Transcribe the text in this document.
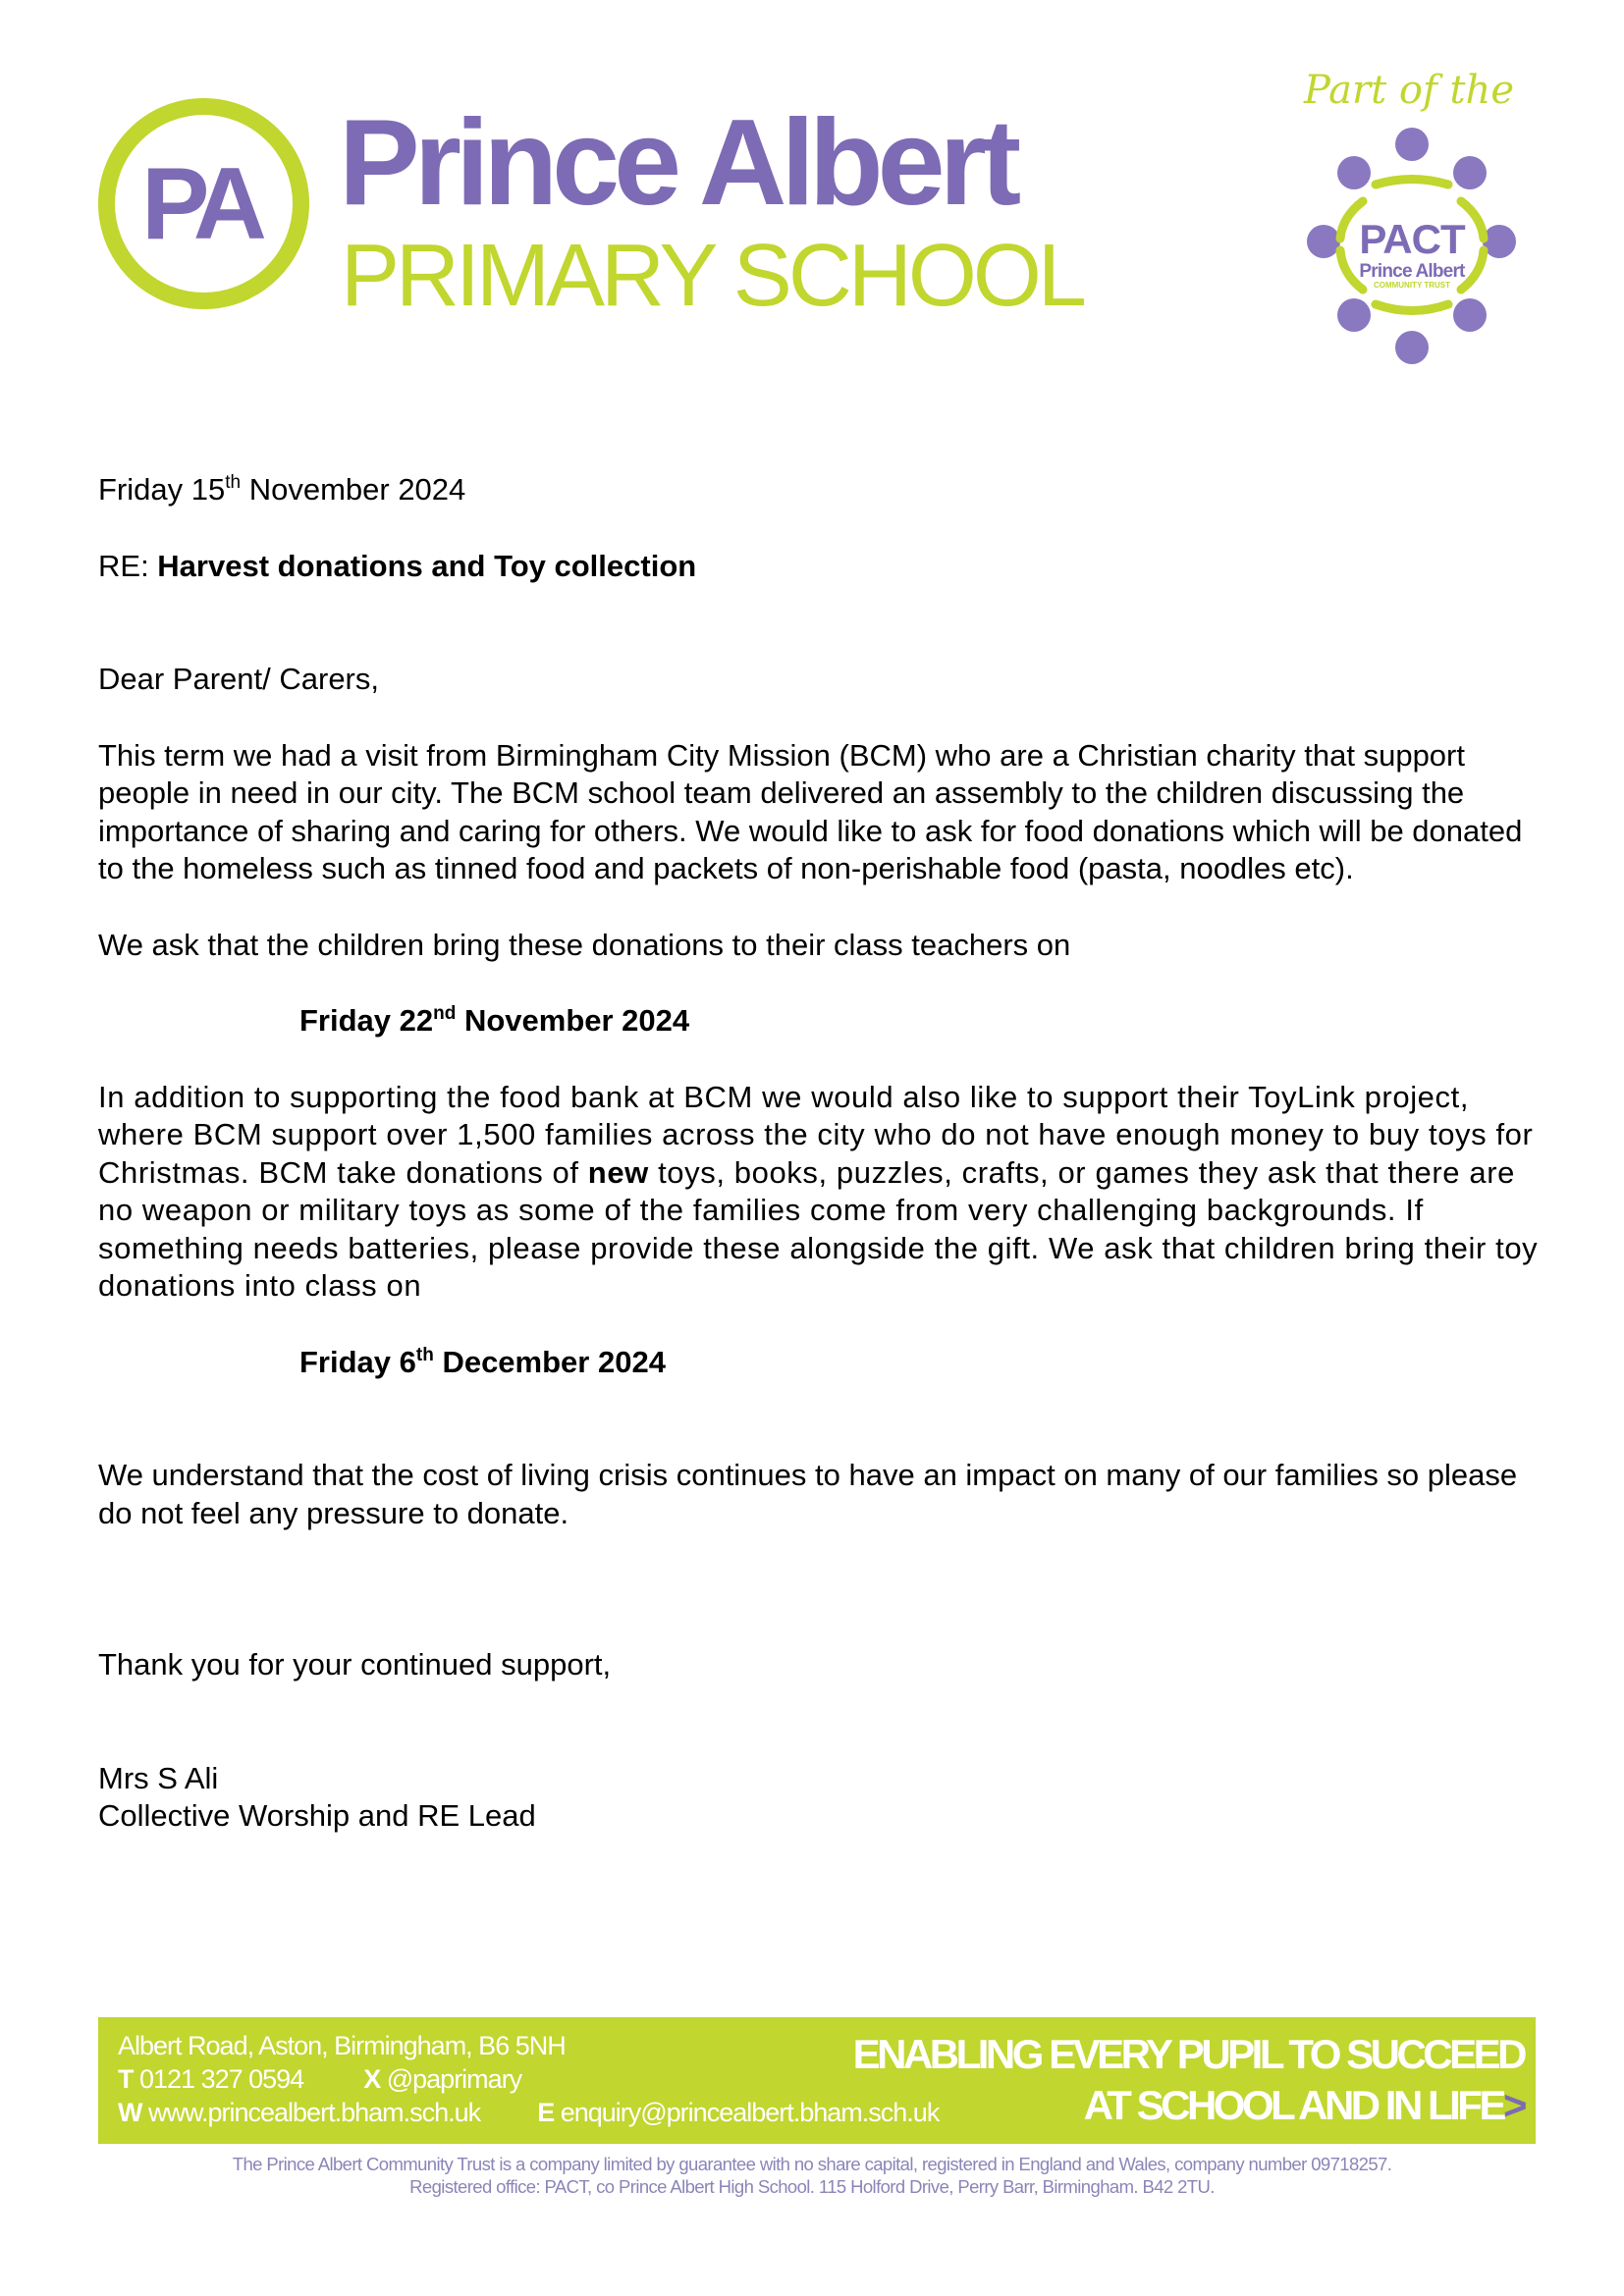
PA Prince Albert
PRIMARY SCHOOL
Part of the
PACT
Prince Albert
COMMUNITY TRUST

Friday 15th November 2024

RE: Harvest donations and Toy collection

Dear Parent/ Carers,

This term we had a visit from Birmingham City Mission (BCM) who are a Christian charity that support people in need in our city. The BCM school team delivered an assembly to the children discussing the importance of sharing and caring for others. We would like to ask for food donations which will be donated to the homeless such as tinned food and packets of non-perishable food (pasta, noodles etc).

We ask that the children bring these donations to their class teachers on

Friday 22nd November 2024

In addition to supporting the food bank at BCM we would also like to support their ToyLink project, where BCM support over 1,500 families across the city who do not have enough money to buy toys for Christmas. BCM take donations of new toys, books, puzzles, crafts, or games they ask that there are no weapon or military toys as some of the families come from very challenging backgrounds. If something needs batteries, please provide these alongside the gift. We ask that children bring their toy donations into class on

Friday 6th December 2024

We understand that the cost of living crisis continues to have an impact on many of our families so please do not feel any pressure to donate.

Thank you for your continued support,

Mrs S Ali

Collective Worship and RE Lead

Albert Road, Aston, Birmingham, B6 5NH
T 0121 327 0594 X @paprimary
W www.princealbert.bham.sch.uk E enquiry@princealbert.bham.sch.uk
ENABLING EVERY PUPIL TO SUCCEED
AT SCHOOL AND IN LIFE>
The Prince Albert Community Trust is a company limited by guarantee with no share capital, registered in England and Wales, company number 09718257.
Registered office: PACT, co Prince Albert High School. 115 Holford Drive, Perry Barr, Birmingham. B42 2TU.
